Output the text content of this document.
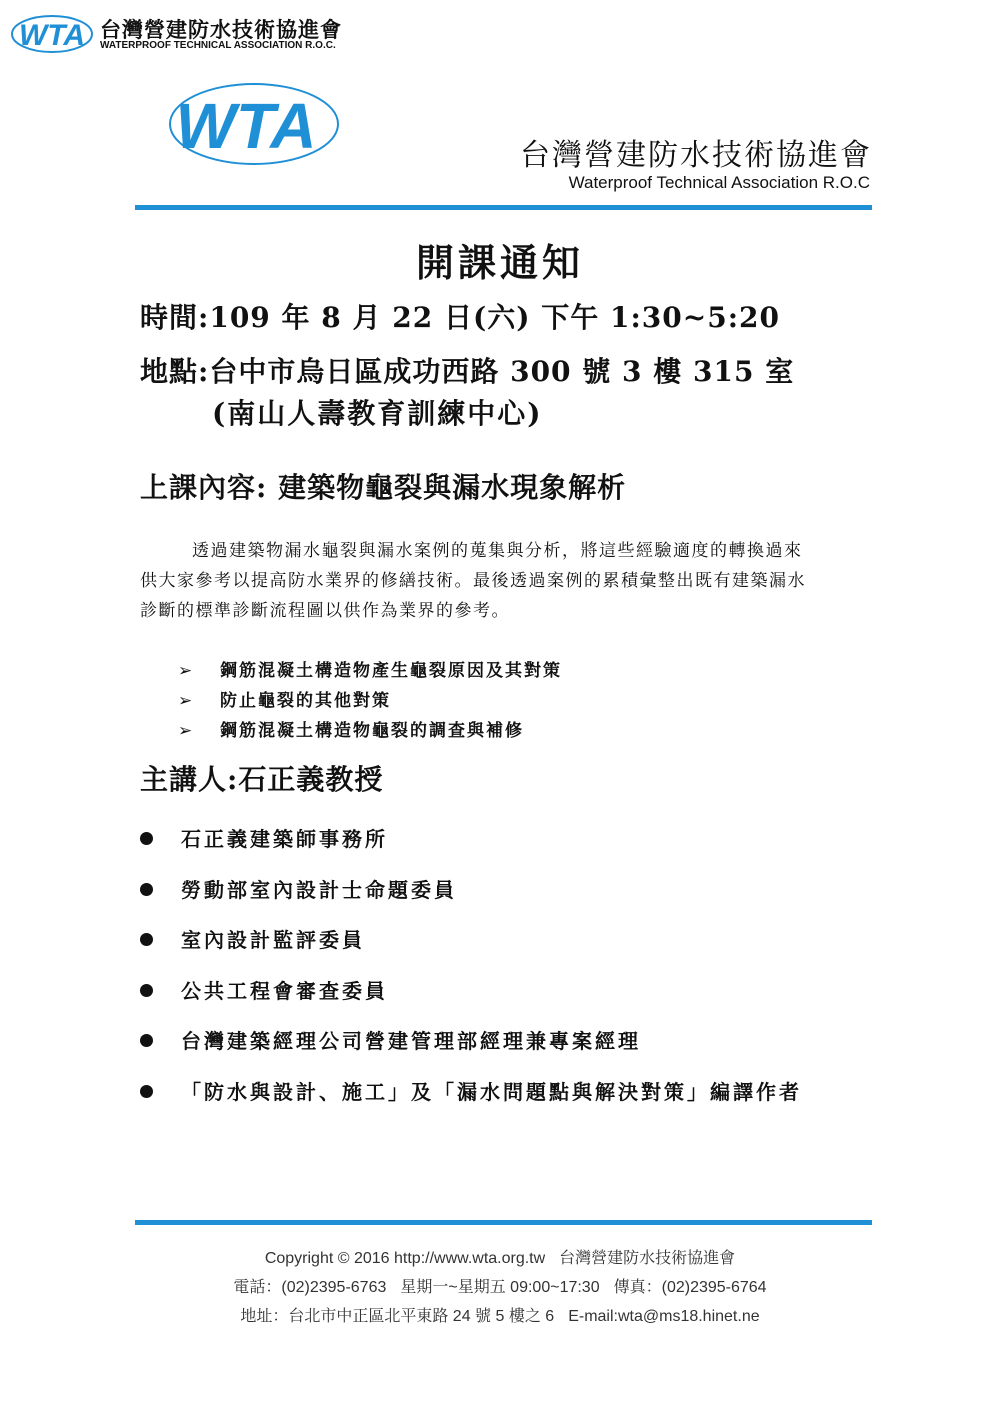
WTA 台灣營建防水技術協進會
WATERPROOF TECHNICAL ASSOCIATION R.O.C.
WTA	台灣營建防水技術協進會
Waterproof Technical Association R.O.C
開課通知
時間:109 年 8 月 22 日(六) 下午 1:30~5:20
地點:台中市烏日區成功西路 300 號 3 樓 315 室
(南山人壽教育訓練中心)
上課內容: 建築物龜裂與漏水現象解析
透過建築物漏水龜裂與漏水案例的蒐集與分析，將這些經驗適度的轉換過來
供大家參考以提高防水業界的修繕技術。最後透過案例的累積彙整出既有建築漏水
診斷的標準診斷流程圖以供作為業界的參考。
➢ 鋼筋混凝土構造物產生龜裂原因及其對策
➢ 防止龜裂的其他對策
➢ 鋼筋混凝土構造物龜裂的調查與補修
主講人:石正義教授
石正義建築師事務所
勞動部室內設計士命題委員
室內設計監評委員
公共工程會審查委員
台灣建築經理公司營建管理部經理兼專案經理
「防水與設計、施工」及「漏水問題點與解決對策」編譯作者
Copyright © 2016 http://www.wta.org.tw 台灣營建防水技術協進會
電話：(02)2395-6763 星期一~星期五 09:00~17:30 傳真：(02)2395-6764
地址：台北市中正區北平東路 24 號 5 樓之 6 E-mail:wta@ms18.hinet.ne
